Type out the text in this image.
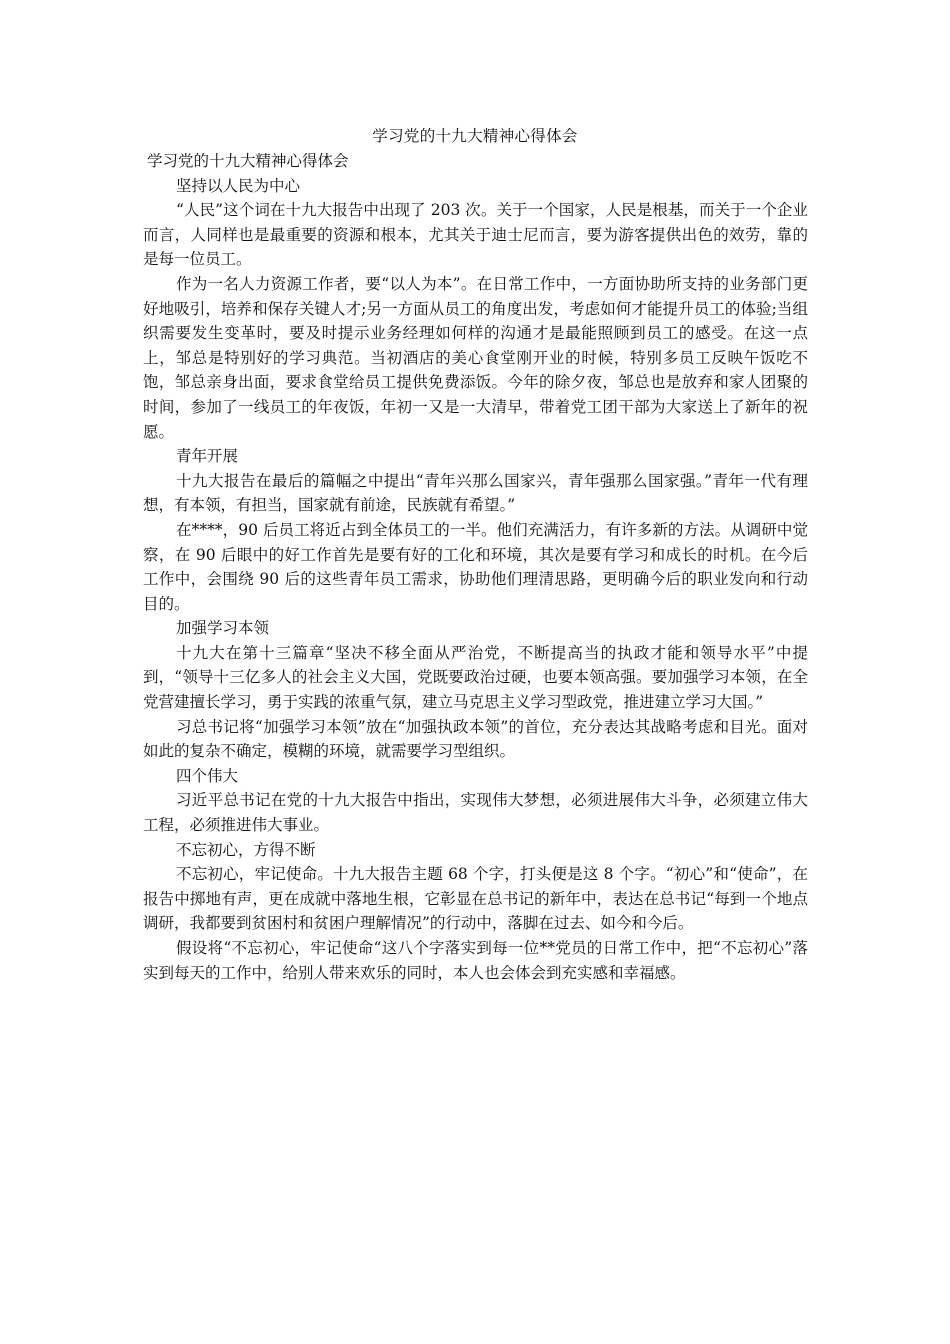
学习党的十九大精神心得体会

学习党的十九大精神心得体会

坚持以人民为中心

“人民”这个词在十九大报告中出现了 203 次。关于一个国家，人民是根基，而关于一个企业而言，人同样也是最重要的资源和根本，尤其关于迪士尼而言，要为游客提供出色的效劳，靠的是每一位员工。

作为一名人力资源工作者，要“以人为本”。在日常工作中，一方面协助所支持的业务部门更好地吸引，培养和保存关键人才;另一方面从员工的角度出发，考虑如何才能提升员工的体验;当组织需要发生变革时，要及时提示业务经理如何样的沟通才是最能照顾到员工的感受。在这一点上，邹总是特别好的学习典范。当初酒店的美心食堂刚开业的时候，特别多员工反映午饭吃不饱，邹总亲身出面，要求食堂给员工提供免费添饭。今年的除夕夜，邹总也是放弃和家人团聚的时间，参加了一线员工的年夜饭，年初一又是一大清早，带着党工团干部为大家送上了新年的祝愿。

青年开展

十九大报告在最后的篇幅之中提出“青年兴那么国家兴，青年强那么国家强。”青年一代有理想，有本领，有担当，国家就有前途，民族就有希望。”

在****，90 后员工将近占到全体员工的一半。他们充满活力，有许多新的方法。从调研中觉察，在 90 后眼中的好工作首先是要有好的工化和环境，其次是要有学习和成长的时机。在今后工作中，会围绕 90 后的这些青年员工需求，协助他们理清思路，更明确今后的职业发向和行动目的。

加强学习本领

十九大在第十三篇章“坚决不移全面从严治党，不断提高当的执政才能和领导水平”中提到，“领导十三亿多人的社会主义大国，党既要政治过硬，也要本领高强。要加强学习本领，在全党营建擅长学习，勇于实践的浓重气氛，建立马克思主义学习型政党，推进建立学习大国。”

习总书记将“加强学习本领”放在“加强执政本领”的首位，充分表达其战略考虑和目光。面对如此的复杂不确定，模糊的环境，就需要学习型组织。

四个伟大

习近平总书记在党的十九大报告中指出，实现伟大梦想，必须进展伟大斗争，必须建立伟大工程，必须推进伟大事业。

不忘初心，方得不断

不忘初心，牢记使命。十九大报告主题 68 个字，打头便是这 8 个字。“初心”和“使命”，在报告中掷地有声，更在成就中落地生根，它彰显在总书记的新年中，表达在总书记“每到一个地点调研，我都要到贫困村和贫困户理解情况”的行动中，落脚在过去、如今和今后。

假设将“不忘初心，牢记使命“这八个字落实到每一位**党员的日常工作中，把“不忘初心”落实到每天的工作中，给别人带来欢乐的同时，本人也会体会到充实感和幸福感。
